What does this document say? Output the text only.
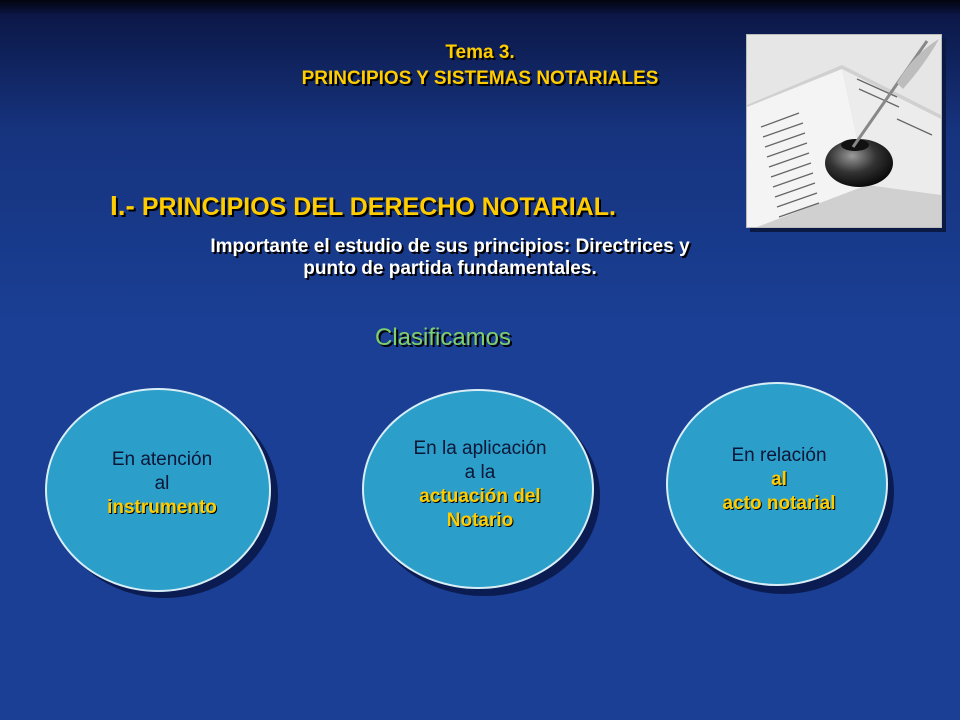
Tema 3.
PRINCIPIOS Y SISTEMAS NOTARIALES
I.- PRINCIPIOS DEL DERECHO NOTARIAL.
Importante el estudio de sus principios: Directrices y
punto de partida fundamentales.
Clasificamos
En atención
al
instrumento
En la aplicación
a la
actuación del
Notario
En relación
al
acto notarial
